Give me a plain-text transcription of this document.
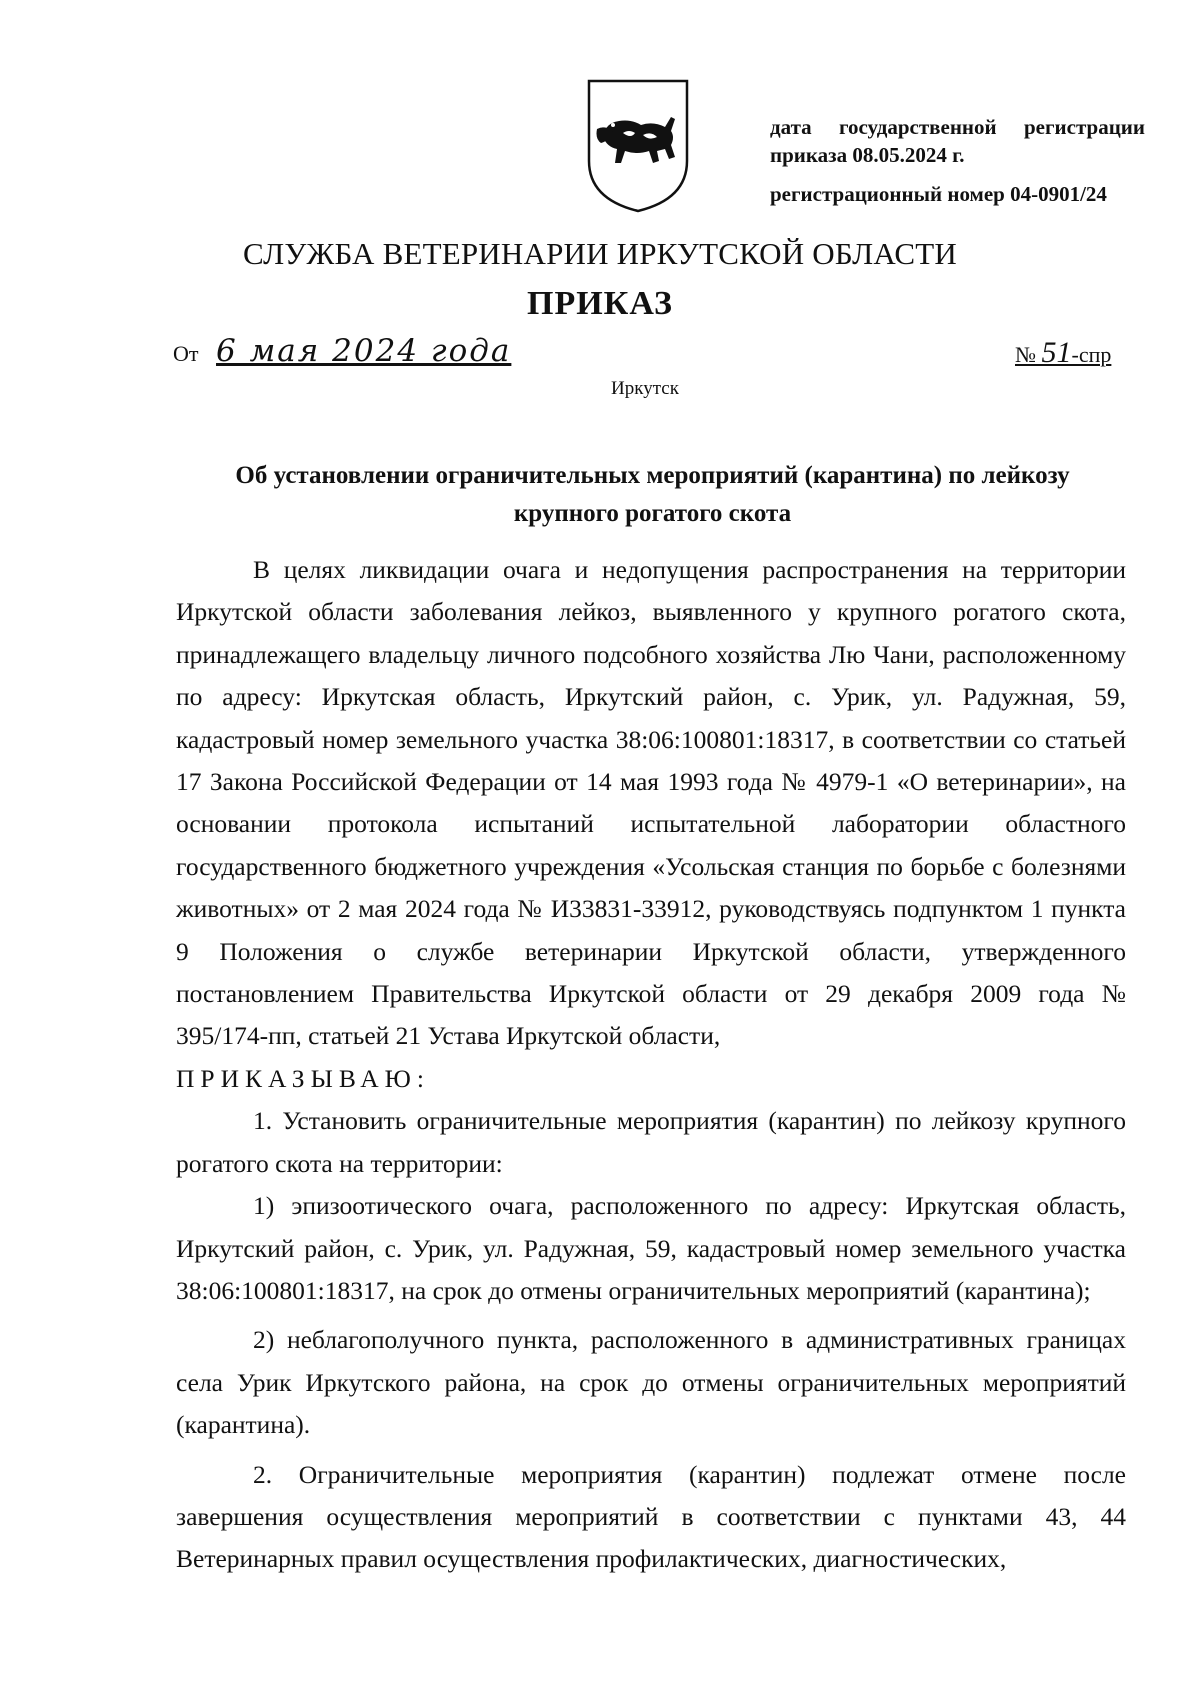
дата государственной регистрации
приказа 08.05.2024 г.
регистрационный номер 04-0901/24
СЛУЖБА ВЕТЕРИНАРИИ ИРКУТСКОЙ ОБЛАСТИ
ПРИКАЗ
От 6 мая 2024 года	№ 51-спр
Иркутск
Об установлении ограничительных мероприятий (карантина) по лейкозу крупного рогатого скота

В целях ликвидации очага и недопущения распространения на территории Иркутской области заболевания лейкоз, выявленного у крупного рогатого скота, принадлежащего владельцу личного подсобного хозяйства Лю Чани, расположенному по адресу: Иркутская область, Иркутский район, с. Урик, ул. Радужная, 59, кадастровый номер земельного участка 38:06:100801:18317, в соответствии со статьей 17 Закона Российской Федерации от 14 мая 1993 года № 4979-1 «О ветеринарии», на основании протокола испытаний испытательной лаборатории областного государственного бюджетного учреждения «Усольская станция по борьбе с болезнями животных» от 2 мая 2024 года № И33831-33912, руководствуясь подпунктом 1 пункта 9 Положения о службе ветеринарии Иркутской области, утвержденного постановлением Правительства Иркутской области от 29 декабря 2009 года № 395/174-пп, статьей 21 Устава Иркутской области,

ПРИКАЗЫВАЮ:

1. Установить ограничительные мероприятия (карантин) по лейкозу крупного рогатого скота на территории:

1) эпизоотического очага, расположенного по адресу: Иркутская область, Иркутский район, с. Урик, ул. Радужная, 59, кадастровый номер земельного участка 38:06:100801:18317, на срок до отмены ограничительных мероприятий (карантина);

2) неблагополучного пункта, расположенного в административных границах села Урик Иркутского района, на срок до отмены ограничительных мероприятий (карантина).

2. Ограничительные мероприятия (карантин) подлежат отмене после завершения осуществления мероприятий в соответствии с пунктами 43, 44 Ветеринарных правил осуществления профилактических, диагностических,
